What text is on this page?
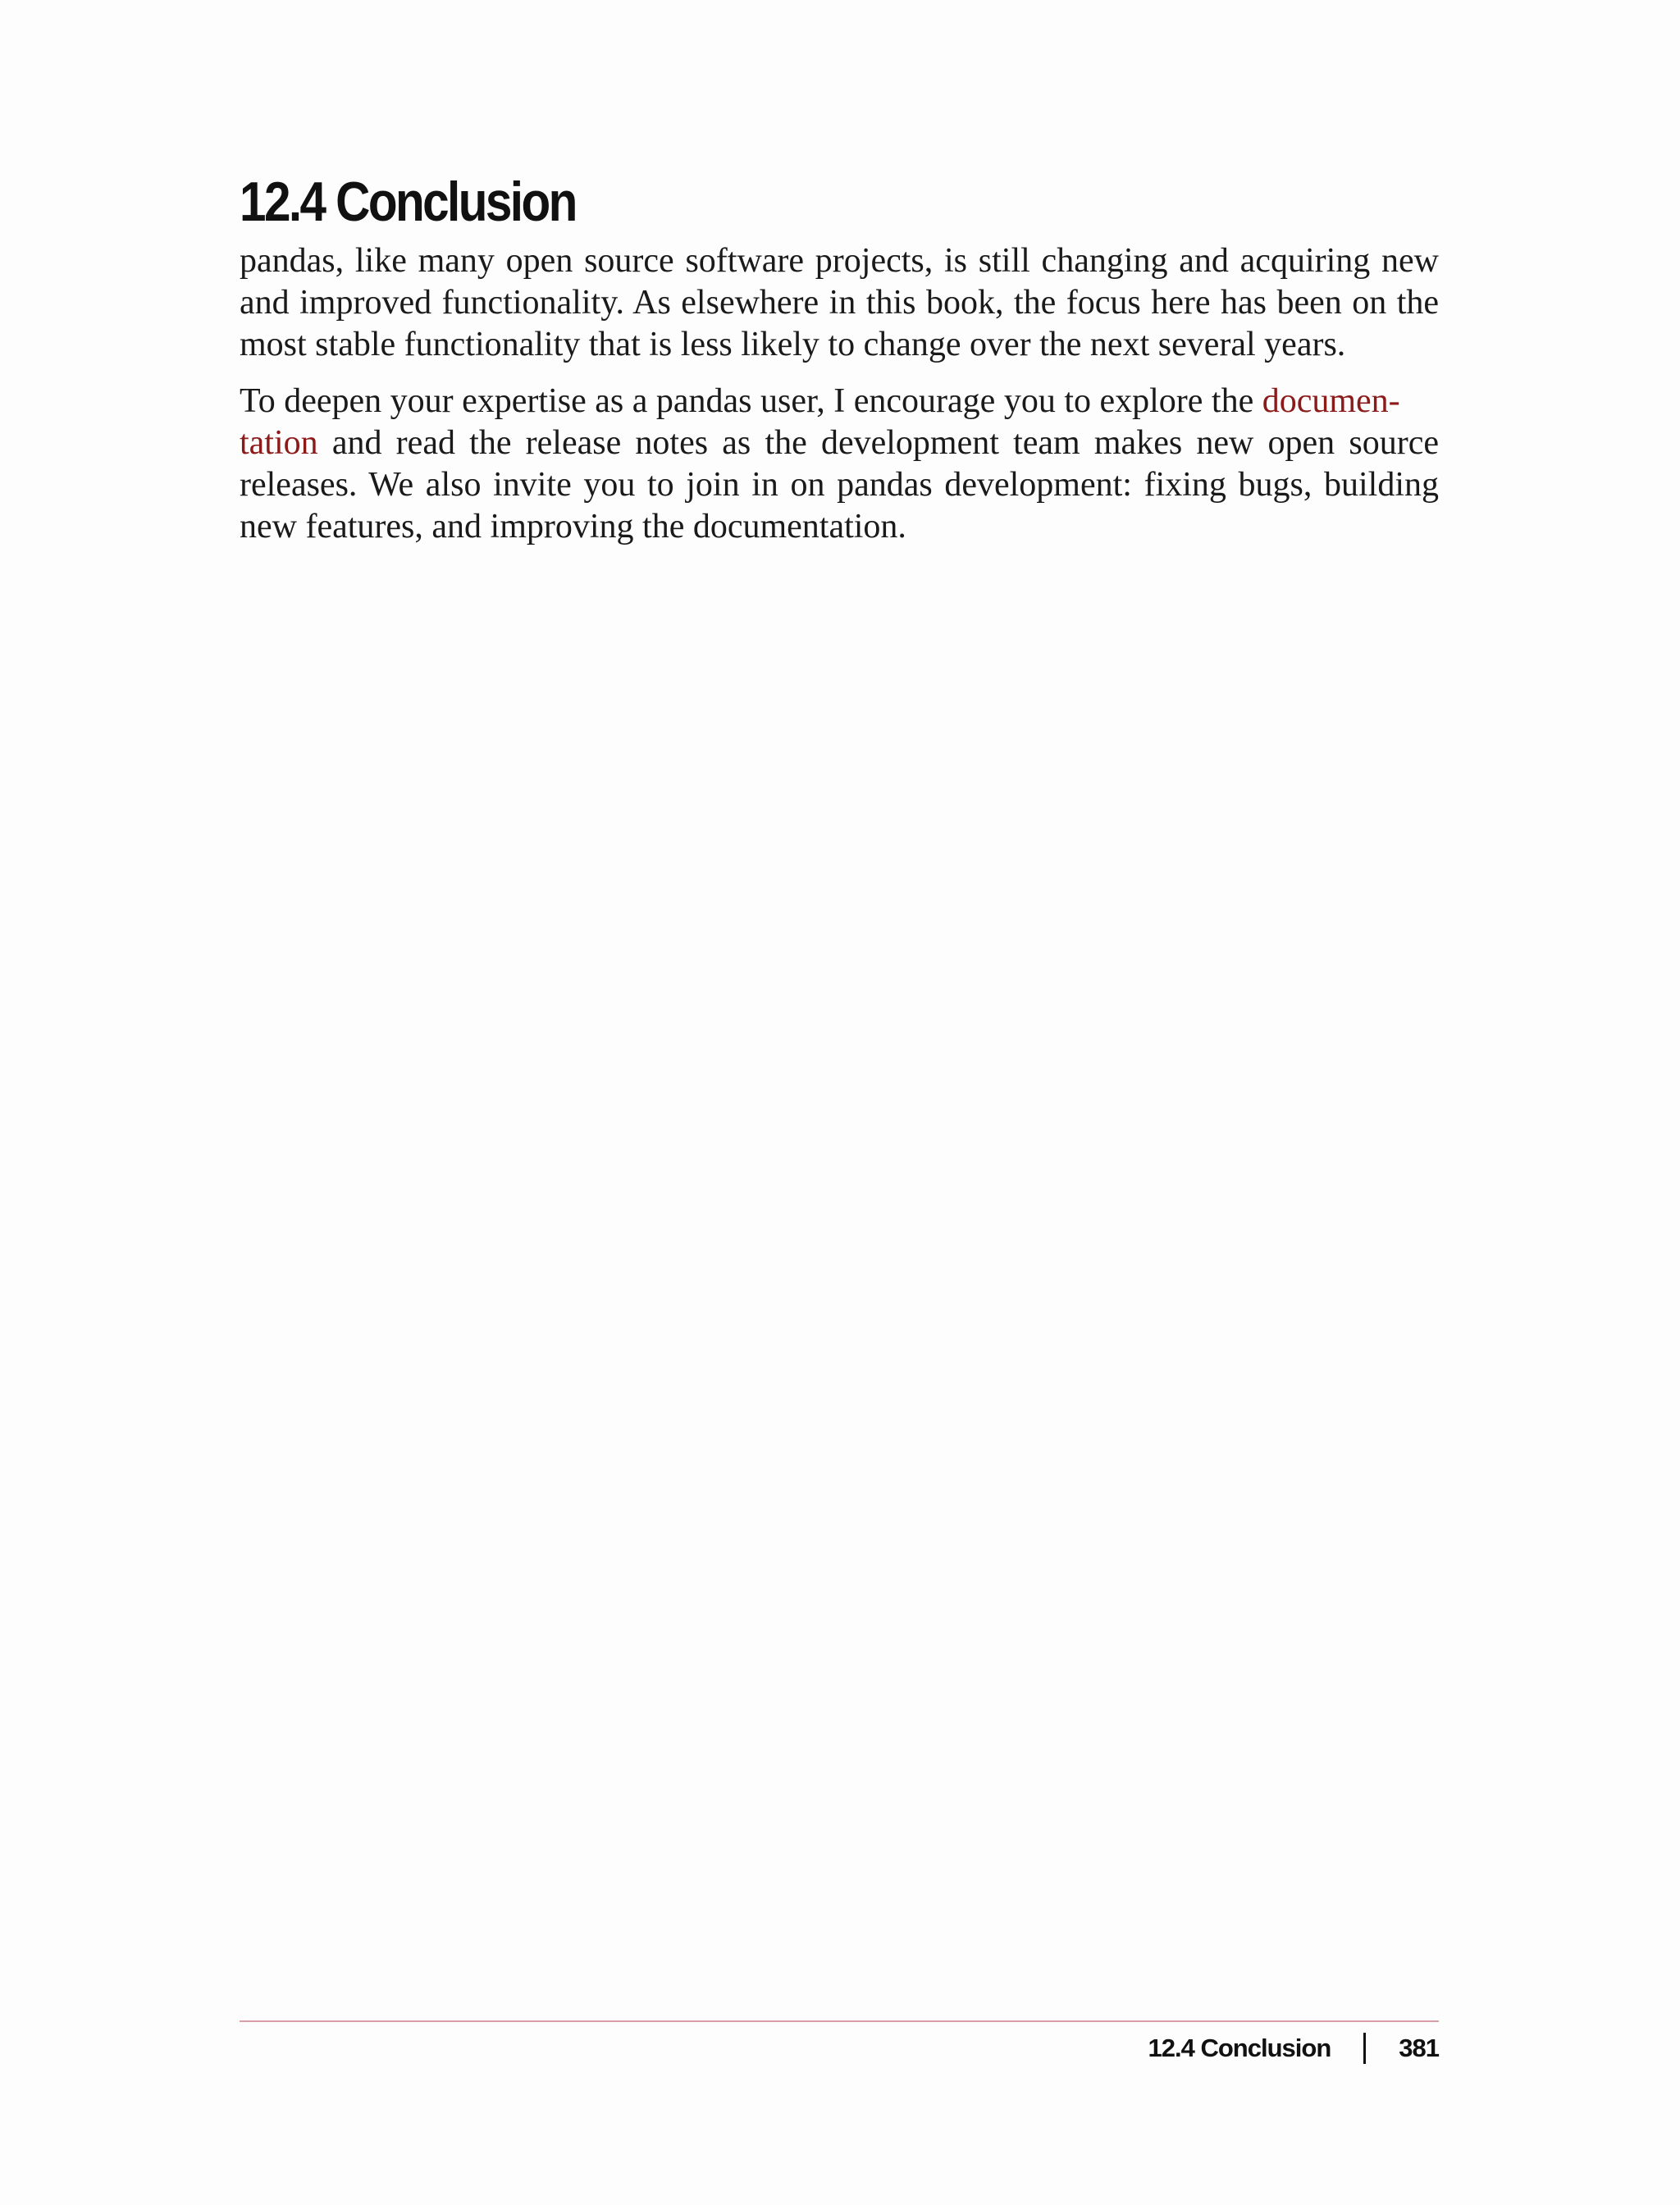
12.4 Conclusion

pandas, like many open source software projects, is still changing and acquiring new and improved functionality. As elsewhere in this book, the focus here has been on the most stable functionality that is less likely to change over the next several years.

To deepen your expertise as a pandas user, I encourage you to explore the documen-
tation and read the release notes as the development team makes new open source releases. We also invite you to join in on pandas development: fixing bugs, building new features, and improving the documentation.

12.4 Conclusion	381
